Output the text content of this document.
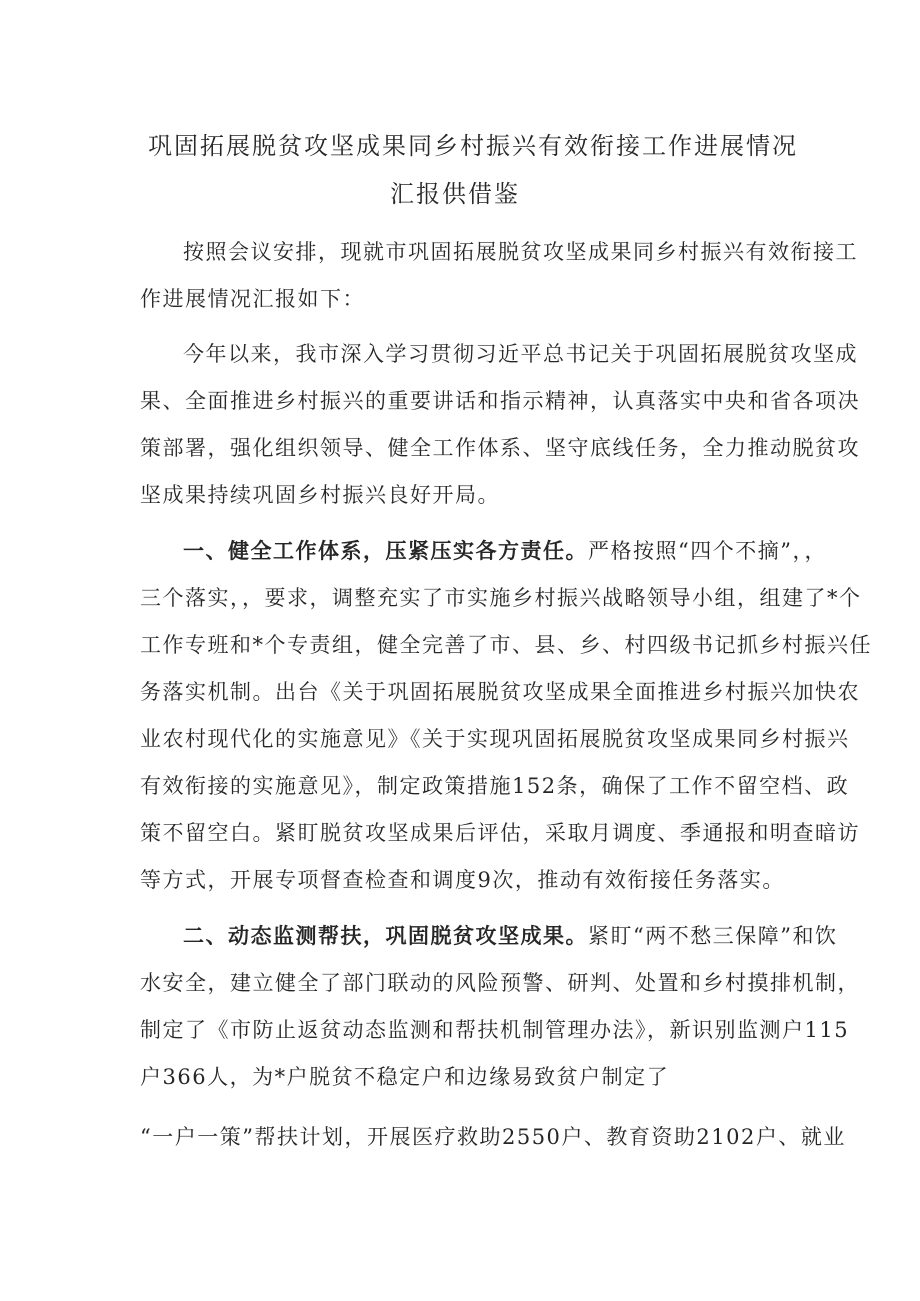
巩固拓展脱贫攻坚成果同乡村振兴有效衔接工作进展情况
汇报供借鉴
按照会议安排，现就市巩固拓展脱贫攻坚成果同乡村振兴有效衔接工
作进展情况汇报如下：
今年以来，我市深入学习贯彻习近平总书记关于巩固拓展脱贫攻坚成
果、全面推进乡村振兴的重要讲话和指示精神，认真落实中央和省各项决
策部署，强化组织领导、健全工作体系、坚守底线任务，全力推动脱贫攻
坚成果持续巩固乡村振兴良好开局。
一、健全工作体系，压紧压实各方责任。严格按照“四个不摘”，，
三个落实，，要求，调整充实了市实施乡村振兴战略领导小组，组建了*个
工作专班和*个专责组，健全完善了市、县、乡、村四级书记抓乡村振兴任
务落实机制。出台《关于巩固拓展脱贫攻坚成果全面推进乡村振兴加快农
业农村现代化的实施意见》《关于实现巩固拓展脱贫攻坚成果同乡村振兴
有效衔接的实施意见》，制定政策措施152条，确保了工作不留空档、政
策不留空白。紧盯脱贫攻坚成果后评估，采取月调度、季通报和明查暗访
等方式，开展专项督查检查和调度9次，推动有效衔接任务落实。
二、动态监测帮扶，巩固脱贫攻坚成果。紧盯“两不愁三保障”和饮
水安全，建立健全了部门联动的风险预警、研判、处置和乡村摸排机制，
制定了《市防止返贫动态监测和帮扶机制管理办法》，新识别监测户115
户366人，为*户脱贫不稳定户和边缘易致贫户制定了
“一户一策”帮扶计划，开展医疗救助2550户、教育资助2102户、就业
